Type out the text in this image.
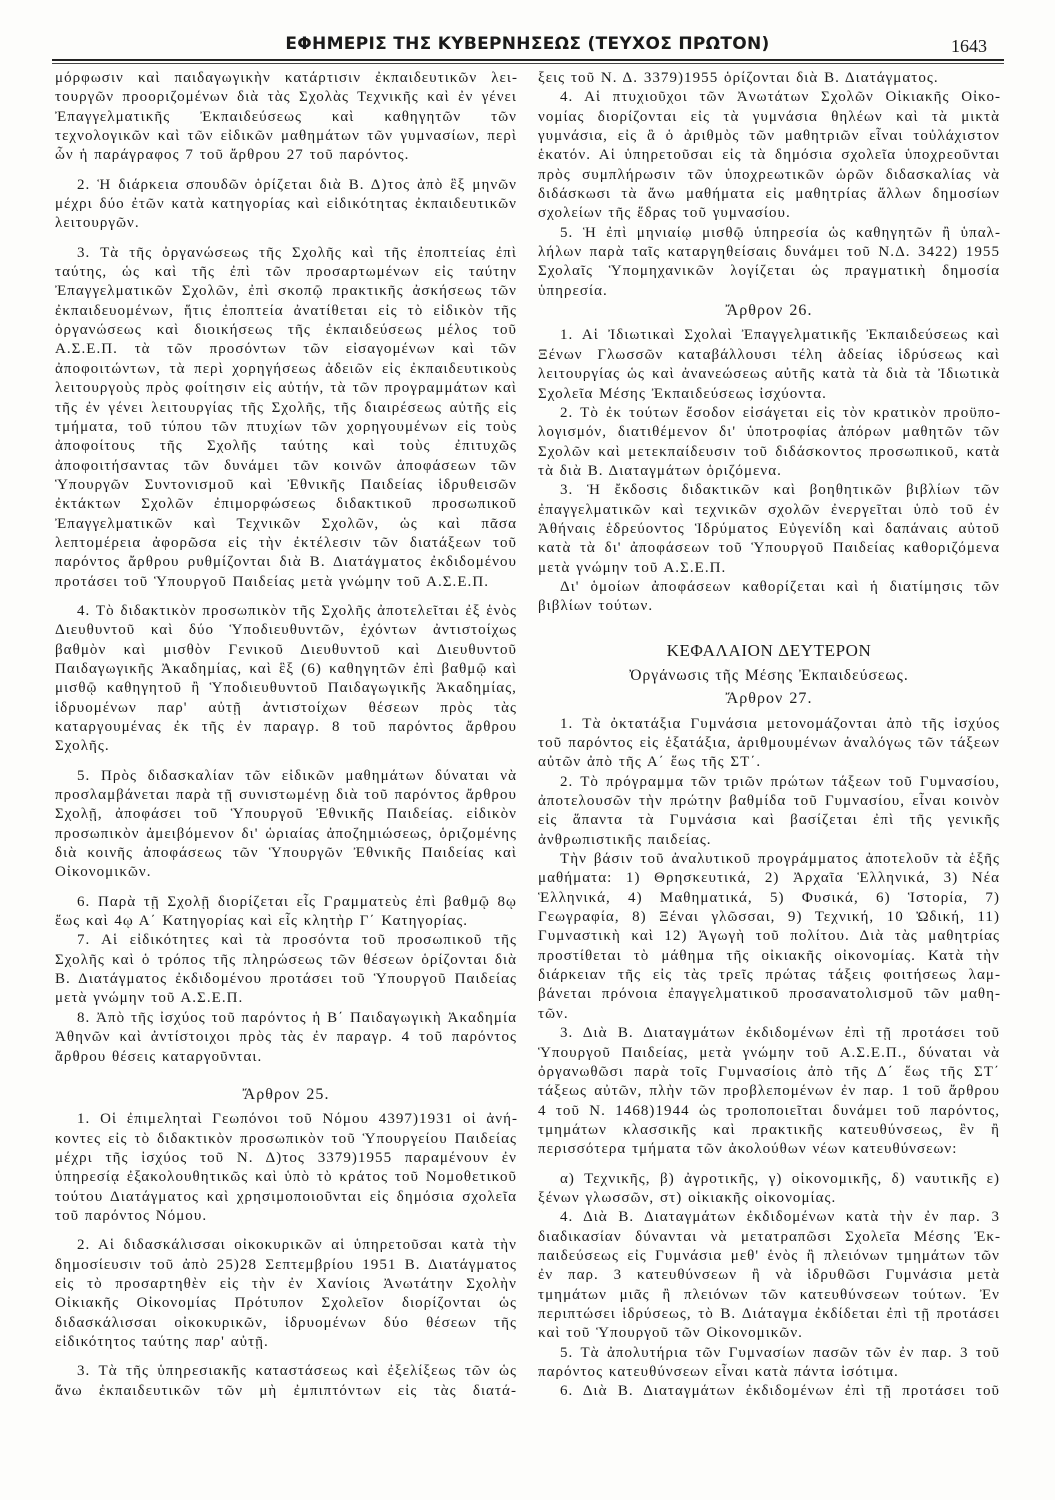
ΕΦΗΜΕΡΙΣ ΤΗΣ ΚΥΒΕΡΝΗΣΕΩΣ (ΤΕΥΧΟΣ ΠΡΩΤΟΝ)	1643

μόρφωσιν καὶ παιδαγωγικὴν κατάρτισιν ἐκπαιδευτικῶν λειτουργῶν προοριζομένων διὰ τὰς Σχολὰς Τεχνικῆς καὶ ἐν γένει Ἐπαγγελματικῆς Ἐκπαιδεύσεως καὶ καθηγητῶν τῶν τεχνολογικῶν καὶ τῶν εἰδικῶν μαθημάτων τῶν γυμνασίων, περὶ ὧν ἡ παράγραφος 7 τοῦ ἄρθρου 27 τοῦ παρόντος.

2. Ἡ διάρκεια σπουδῶν ὁρίζεται διὰ Β. Δ)τος ἀπὸ ἓξ μηνῶν μέχρι δύο ἐτῶν κατὰ κατηγορίας καὶ εἰδικότητας ἐκπαιδευτικῶν λειτουργῶν.

3. Τὰ τῆς ὀργανώσεως τῆς Σχολῆς καὶ τῆς ἐποπτείας ἐπὶ ταύτης, ὡς καὶ τῆς ἐπὶ τῶν προσαρτωμένων εἰς ταύτην Ἐπαγγελματικῶν Σχολῶν, ἐπὶ σκοπῷ πρακτικῆς ἀσκήσεως τῶν ἐκπαιδευομένων, ἥτις ἐποπτεία ἀνατίθεται εἰς τὸ εἰδικὸν τῆς ὀργανώσεως καὶ διοικήσεως τῆς ἐκπαιδεύσεως μέλος τοῦ Α.Σ.Ε.Π. τὰ τῶν προσόντων τῶν εἰσαγομένων καὶ τῶν ἀποφοιτώντων, τὰ περὶ χορηγήσεως ἀδειῶν εἰς ἐκπαιδευτικοὺς λειτουργοὺς πρὸς φοίτησιν εἰς αὐτήν, τὰ τῶν προγραμμάτων καὶ τῆς ἐν γένει λειτουργίας τῆς Σχολῆς, τῆς διαιρέσεως αὐτῆς εἰς τμήματα, τοῦ τύπου τῶν πτυχίων τῶν χορηγουμένων εἰς τοὺς ἀποφοίτους τῆς Σχολῆς ταύτης καὶ τοὺς ἐπιτυχῶς ἀποφοιτήσαντας τῶν δυνάμει τῶν κοινῶν ἀποφάσεων τῶν Ὑπουργῶν Συντονισμοῦ καὶ Ἐθνικῆς Παιδείας ἱδρυθεισῶν ἐκτάκτων Σχολῶν ἐπιμορφώσεως διδακτικοῦ προσωπικοῦ Ἐπαγγελματικῶν καὶ Τεχνικῶν Σχολῶν, ὡς καὶ πᾶσα λεπτομέρεια ἀφορῶσα εἰς τὴν ἐκτέλεσιν τῶν διατάξεων τοῦ παρόντος ἄρθρου ρυθμίζονται διὰ Β. Διατάγματος ἐκδιδομένου προτάσει τοῦ Ὑπουργοῦ Παιδείας μετὰ γνώμην τοῦ Α.Σ.Ε.Π.

4. Τὸ διδακτικὸν προσωπικὸν τῆς Σχολῆς ἀποτελεῖται ἐξ ἑνὸς Διευθυντοῦ καὶ δύο Ὑποδιευθυντῶν, ἐχόντων ἀντιστοίχως βαθμὸν καὶ μισθὸν Γενικοῦ Διευθυντοῦ καὶ Διευθυντοῦ Παιδαγωγικῆς Ἀκαδημίας, καὶ ἓξ (6) καθηγητῶν ἐπὶ βαθμῷ καὶ μισθῷ καθηγητοῦ ἢ Ὑποδιευθυντοῦ Παιδαγωγικῆς Ἀκαδημίας, ἱδρυομένων παρ' αὐτῇ ἀντιστοίχων θέσεων πρὸς τὰς καταργουμένας ἐκ τῆς ἐν παραγρ. 8 τοῦ παρόντος ἄρθρου Σχολῆς.

5. Πρὸς διδασκαλίαν τῶν εἰδικῶν μαθημάτων δύναται νὰ προσλαμβάνεται παρὰ τῇ συνιστωμένῃ διὰ τοῦ παρόντος ἄρθρου Σχολῇ, ἀποφάσει τοῦ Ὑπουργοῦ Ἐθνικῆς Παιδείας. εἰδικὸν προσωπικὸν ἀμειβόμενον δι' ὡριαίας ἀποζημιώσεως, ὁριζομένης διὰ κοινῆς ἀποφάσεως τῶν Ὑπουργῶν Ἐθνικῆς Παιδείας καὶ Οἰκονομικῶν.

6. Παρὰ τῇ Σχολῇ διορίζεται εἷς Γραμματεὺς ἐπὶ βαθμῷ 8ῳ ἕως καὶ 4ῳ Α΄ Κατηγορίας καὶ εἷς κλητὴρ Γ΄ Κατηγορίας.

7. Αἱ εἰδικότητες καὶ τὰ προσόντα τοῦ προσωπικοῦ τῆς Σχολῆς καὶ ὁ τρόπος τῆς πληρώσεως τῶν θέσεων ὁρίζονται διὰ Β. Διατάγματος ἐκδιδομένου προτάσει τοῦ Ὑπουργοῦ Παιδείας μετὰ γνώμην τοῦ Α.Σ.Ε.Π.

8. Ἀπὸ τῆς ἰσχύος τοῦ παρόντος ἡ Β΄ Παιδαγωγικὴ Ἀκαδημία Ἀθηνῶν καὶ ἀντίστοιχοι πρὸς τὰς ἐν παραγρ. 4 τοῦ παρόντος ἄρθρου θέσεις καταργοῦνται.

Ἄρθρον 25.

1. Οἱ ἐπιμεληταὶ Γεωπόνοι τοῦ Νόμου 4397)1931 οἱ ἀνήκοντες εἰς τὸ διδακτικὸν προσωπικὸν τοῦ Ὑπουργείου Παιδείας μέχρι τῆς ἰσχύος τοῦ Ν. Δ)τος 3379)1955 παραμένουν ἐν ὑπηρεσίᾳ ἐξακολουθητικῶς καὶ ὑπὸ τὸ κράτος τοῦ Νομοθετικοῦ τούτου Διατάγματος καὶ χρησιμοποιοῦνται εἰς δημόσια σχολεῖα τοῦ παρόντος Νόμου.

2. Αἱ διδασκάλισσαι οἰκοκυρικῶν αἱ ὑπηρετοῦσαι κατὰ τὴν δημοσίευσιν τοῦ ἀπὸ 25)28 Σεπτεμβρίου 1951 Β. Διατάγματος εἰς τὸ προσαρτηθὲν εἰς τὴν ἐν Χανίοις Ἀνωτάτην Σχολὴν Οἰκιακῆς Οἰκονομίας Πρότυπον Σχολεῖον διορίζονται ὡς διδασκάλισσαι οἰκοκυρικῶν, ἱδρυομένων δύο θέσεων τῆς εἰδικότητος ταύτης παρ' αὐτῇ.

3. Τὰ τῆς ὑπηρεσιακῆς καταστάσεως καὶ ἐξελίξεως τῶν ὡς ἄνω ἐκπαιδευτικῶν τῶν μὴ ἐμπιπτόντων εἰς τὰς διατά-

ξεις τοῦ Ν. Δ. 3379)1955 ὁρίζονται διὰ Β. Διατάγματος.

4. Αἱ πτυχιοῦχοι τῶν Ἀνωτάτων Σχολῶν Οἰκιακῆς Οἰκονομίας διορίζονται εἰς τὰ γυμνάσια θηλέων καὶ τὰ μικτὰ γυμνάσια, εἰς ἃ ὁ ἀριθμὸς τῶν μαθητριῶν εἶναι τοὐλάχιστον ἑκατόν. Αἱ ὑπηρετοῦσαι εἰς τὰ δημόσια σχολεῖα ὑποχρεοῦνται πρὸς συμπλήρωσιν τῶν ὑποχρεωτικῶν ὡρῶν διδασκαλίας νὰ διδάσκωσι τὰ ἄνω μαθήματα εἰς μαθητρίας ἄλλων δημοσίων σχολείων τῆς ἕδρας τοῦ γυμνασίου.

5. Ἡ ἐπὶ μηνιαίῳ μισθῷ ὑπηρεσία ὡς καθηγητῶν ἢ ὑπαλλήλων παρὰ ταῖς καταργηθείσαις δυνάμει τοῦ Ν.Δ. 3422) 1955 Σχολαῖς Ὑπομηχανικῶν λογίζεται ὡς πραγματικὴ δημοσία ὑπηρεσία.

Ἄρθρον 26.

1. Αἱ Ἰδιωτικαὶ Σχολαὶ Ἐπαγγελματικῆς Ἐκπαιδεύσεως καὶ Ξένων Γλωσσῶν καταβάλλουσι τέλη ἀδείας ἱδρύσεως καὶ λειτουργίας ὡς καὶ ἀνανεώσεως αὐτῆς κατὰ τὰ διὰ τὰ Ἰδιωτικὰ Σχολεῖα Μέσης Ἐκπαιδεύσεως ἰσχύοντα.

2. Τὸ ἐκ τούτων ἔσοδον εἰσάγεται εἰς τὸν κρατικὸν προϋπολογισμόν, διατιθέμενον δι' ὑποτροφίας ἀπόρων μαθητῶν τῶν Σχολῶν καὶ μετεκπαίδευσιν τοῦ διδάσκοντος προσωπικοῦ, κατὰ τὰ διὰ Β. Διαταγμάτων ὁριζόμενα.

3. Ἡ ἔκδοσις διδακτικῶν καὶ βοηθητικῶν βιβλίων τῶν ἐπαγγελματικῶν καὶ τεχνικῶν σχολῶν ἐνεργεῖται ὑπὸ τοῦ ἐν Ἀθήναις ἑδρεύοντος Ἱδρύματος Εὐγενίδη καὶ δαπάναις αὐτοῦ κατὰ τὰ δι' ἀποφάσεων τοῦ Ὑπουργοῦ Παιδείας καθοριζόμενα μετὰ γνώμην τοῦ Α.Σ.Ε.Π.

Δι' ὁμοίων ἀποφάσεων καθορίζεται καὶ ἡ διατίμησις τῶν βιβλίων τούτων.

ΚΕΦΑΛΑΙΟΝ ΔΕΥΤΕΡΟΝ
Ὀργάνωσις τῆς Μέσης Ἐκπαιδεύσεως.
Ἄρθρον 27.

1. Τὰ ὀκτατάξια Γυμνάσια μετονομάζονται ἀπὸ τῆς ἰσχύος τοῦ παρόντος εἰς ἑξατάξια, ἀριθμουμένων ἀναλόγως τῶν τάξεων αὐτῶν ἀπὸ τῆς Α΄ ἕως τῆς ΣΤ΄.

2. Τὸ πρόγραμμα τῶν τριῶν πρώτων τάξεων τοῦ Γυμνασίου, ἀποτελουσῶν τὴν πρώτην βαθμίδα τοῦ Γυμνασίου, εἶναι κοινὸν εἰς ἅπαντα τὰ Γυμνάσια καὶ βασίζεται ἐπὶ τῆς γενικῆς ἀνθρωπιστικῆς παιδείας.

Τὴν βάσιν τοῦ ἀναλυτικοῦ προγράμματος ἀποτελοῦν τὰ ἑξῆς μαθήματα: 1) Θρησκευτικά, 2) Ἀρχαῖα Ἑλληνικά, 3) Νέα Ἑλληνικά, 4) Μαθηματικά, 5) Φυσικά, 6) Ἱστορία, 7) Γεωγραφία, 8) Ξέναι γλῶσσαι, 9) Τεχνική, 10 Ὠδική, 11) Γυμναστικὴ καὶ 12) Ἀγωγὴ τοῦ πολίτου. Διὰ τὰς μαθητρίας προστίθεται τὸ μάθημα τῆς οἰκιακῆς οἰκονομίας. Κατὰ τὴν διάρκειαν τῆς εἰς τὰς τρεῖς πρώτας τάξεις φοιτήσεως λαμβάνεται πρόνοια ἐπαγγελματικοῦ προσανατολισμοῦ τῶν μαθητῶν.

3. Διὰ Β. Διαταγμάτων ἐκδιδομένων ἐπὶ τῇ προτάσει τοῦ Ὑπουργοῦ Παιδείας, μετὰ γνώμην τοῦ Α.Σ.Ε.Π., δύναται νὰ ὀργανωθῶσι παρὰ τοῖς Γυμνασίοις ἀπὸ τῆς Δ΄ ἕως τῆς ΣΤ΄ τάξεως αὐτῶν, πλὴν τῶν προβλεπομένων ἐν παρ. 1 τοῦ ἄρθρου 4 τοῦ Ν. 1468)1944 ὡς τροποποιεῖται δυνάμει τοῦ παρόντος, τμημάτων κλασσικῆς καὶ πρακτικῆς κατευθύνσεως, ἓν ἢ περισσότερα τμήματα τῶν ἀκολούθων νέων κατευθύνσεων:

α) Τεχνικῆς, β) ἀγροτικῆς, γ) οἰκονομικῆς, δ) ναυτικῆς ε) ξένων γλωσσῶν, στ) οἰκιακῆς οἰκονομίας.

4. Διὰ Β. Διαταγμάτων ἐκδιδομένων κατὰ τὴν ἐν παρ. 3 διαδικασίαν δύνανται νὰ μετατραπῶσι Σχολεῖα Μέσης Ἐκπαιδεύσεως εἰς Γυμνάσια μεθ' ἑνὸς ἢ πλειόνων τμημάτων τῶν ἐν παρ. 3 κατευθύνσεων ἢ νὰ ἱδρυθῶσι Γυμνάσια μετὰ τμημάτων μιᾶς ἢ πλειόνων τῶν κατευθύνσεων τούτων. Ἐν περιπτώσει ἱδρύσεως, τὸ Β. Διάταγμα ἐκδίδεται ἐπὶ τῇ προτάσει καὶ τοῦ Ὑπουργοῦ τῶν Οἰκονομικῶν.

5. Τὰ ἀπολυτήρια τῶν Γυμνασίων πασῶν τῶν ἐν παρ. 3 τοῦ παρόντος κατευθύνσεων εἶναι κατὰ πάντα ἰσότιμα.

6. Διὰ Β. Διαταγμάτων ἐκδιδομένων ἐπὶ τῇ προτάσει τοῦ
